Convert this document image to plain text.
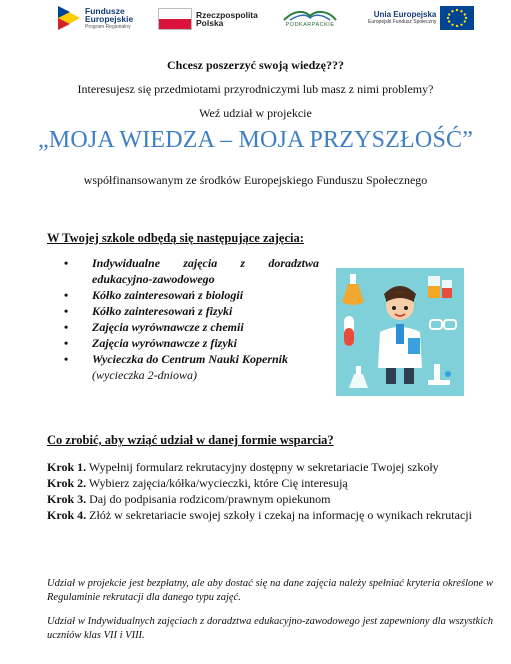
Fundusze
Europejskie
Program Regionalny
Rzeczpospolita
Polska	PODKARPACKIE
Unia Europejska
Europejski Fundusz Społeczny
Chcesz poszerzyć swoją wiedzę???
Interesujesz się przedmiotami przyrodniczymi lub masz z nimi problemy?
Weź udział w projekcie
„MOJA WIEDZA – MOJA PRZYSZŁOŚĆ”
współfinansowanym ze środków Europejskiego Funduszu Społecznego
W Twojej szkole odbędą się następujące zajęcia:
• Indywidualne zajęcia z doradztwa edukacyjno-zawodowego
• Kółko zainteresowań z biologii
• Kółko zainteresowań z fizyki
• Zajęcia wyrównawcze z chemii
• Zajęcia wyrównawcze z fizyki
• Wycieczka do Centrum Nauki Kopernik
(wycieczka 2-dniowa)
Co zrobić, aby wziąć udział w danej formie wsparcia?

Krok 1. Wypełnij formularz rekrutacyjny dostępny w sekretariacie Twojej szkoły

Krok 2. Wybierz zajęcia/kółka/wycieczki, które Cię interesują

Krok 3. Daj do podpisania rodzicom/prawnym opiekunom

Krok 4. Złóż w sekretariacie swojej szkoły i czekaj na informację o wynikach rekrutacji

Udział w projekcie jest bezpłatny, ale aby dostać się na dane zajęcia należy spełniać kryteria określone w Regulaminie rekrutacji dla danego typu zajęć.
Udział w Indywidualnych zajęciach z doradztwa edukacyjno-zawodowego jest zapewniony dla wszystkich uczniów klas VII i VIII.
